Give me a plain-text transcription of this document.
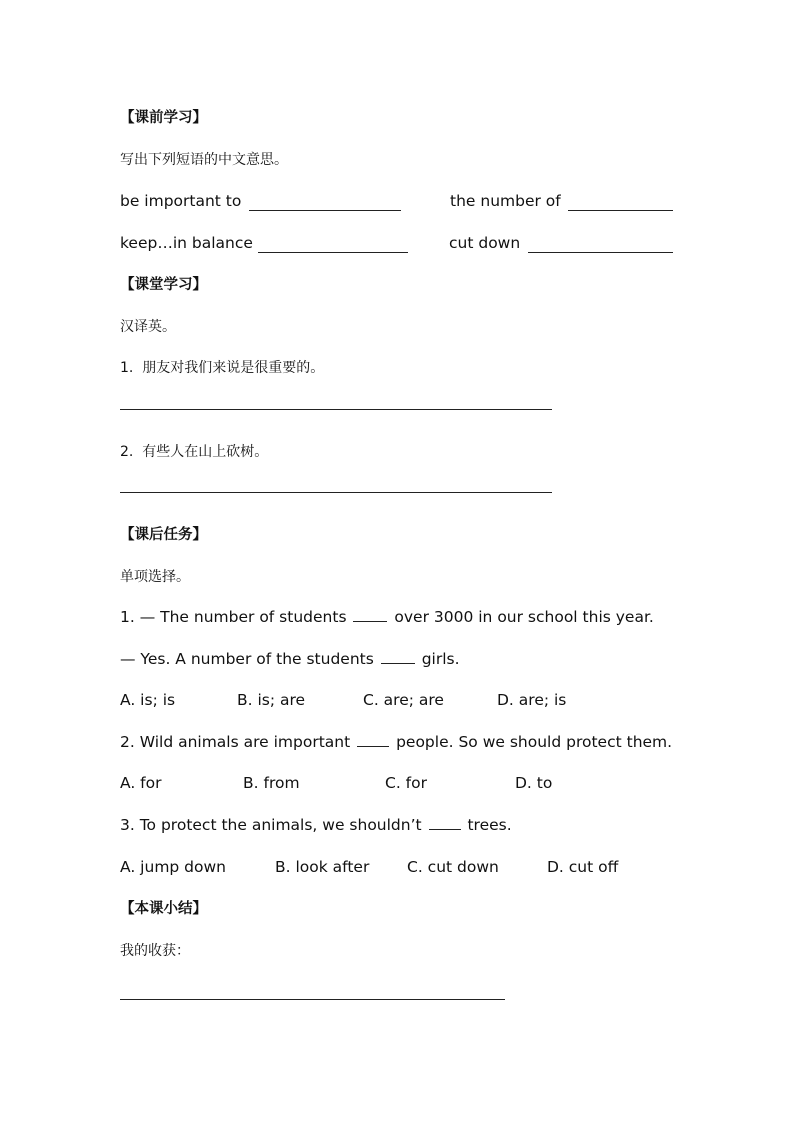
【课前学习】
写出下列短语的中文意思。
be important to	the number of
keep…in balance	cut down
【课堂学习】
汉译英。
1. 朋友对我们来说是很重要的。
2. 有些人在山上砍树。
【课后任务】
单项选择。
1. — The number of students	over 3000 in our school this year.
— Yes. A number of the students	girls.
A. is; is	B. is; are	C. are; are	D. are; is
2. Wild animals are important	people. So we should protect them.
A. for	B. from	C. for	D. to
3. To protect the animals, we shouldn’t	trees.
A. jump down	B. look after C. cut down	D. cut off
【本课小结】
我的收获：
